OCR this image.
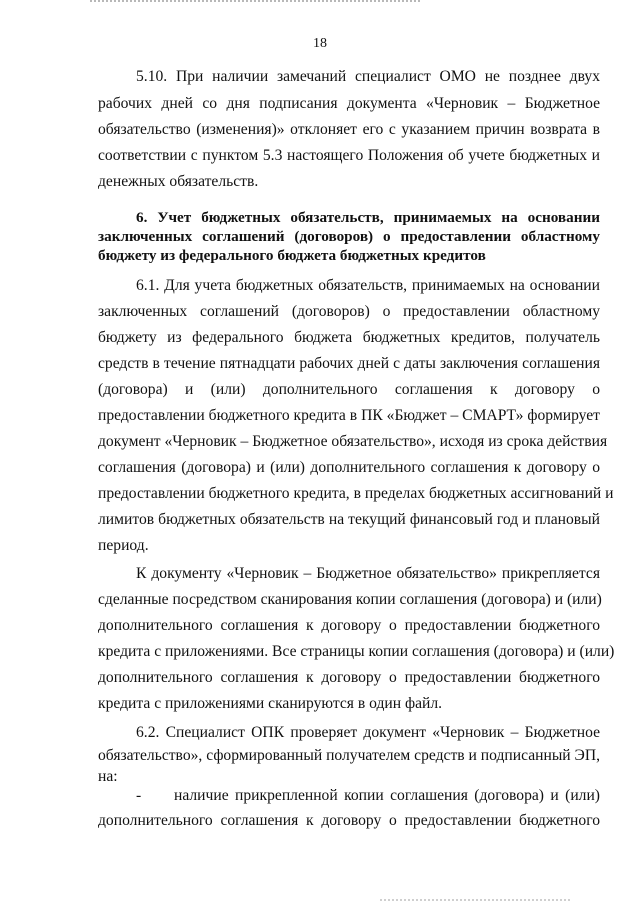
18
5.10. При наличии замечаний специалист ОМО не позднее двух
рабочих дней со дня подписания документа «Черновик – Бюджетное
обязательство (изменения)» отклоняет его с указанием причин возврата в
соответствии с пунктом 5.3 настоящего Положения об учете бюджетных и
денежных обязательств.
6. Учет бюджетных обязательств, принимаемых на основании
заключенных соглашений (договоров) о предоставлении областному
бюджету из федерального бюджета бюджетных кредитов
6.1. Для учета бюджетных обязательств, принимаемых на основании
заключенных соглашений (договоров) о предоставлении областному
бюджету из федерального бюджета бюджетных кредитов, получатель
средств в течение пятнадцати рабочих дней с даты заключения соглашения
(договора) и (или) дополнительного соглашения к договору о
предоставлении бюджетного кредита в ПК «Бюджет – СМАРТ» формирует
документ «Черновик – Бюджетное обязательство», исходя из срока действия
соглашения (договора) и (или) дополнительного соглашения к договору о
предоставлении бюджетного кредита, в пределах бюджетных ассигнований и
лимитов бюджетных обязательств на текущий финансовый год и плановый
период.
К документу «Черновик – Бюджетное обязательство» прикрепляется
сделанные посредством сканирования копии соглашения (договора) и (или)
дополнительного соглашения к договору о предоставлении бюджетного
кредита с приложениями. Все страницы копии соглашения (договора) и (или)
дополнительного соглашения к договору о предоставлении бюджетного
кредита с приложениями сканируются в один файл.
6.2. Специалист ОПК проверяет документ «Черновик – Бюджетное
обязательство», сформированный получателем средств и подписанный ЭП,
на:
- наличие прикрепленной копии соглашения (договора) и (или)
дополнительного соглашения к договору о предоставлении бюджетного
